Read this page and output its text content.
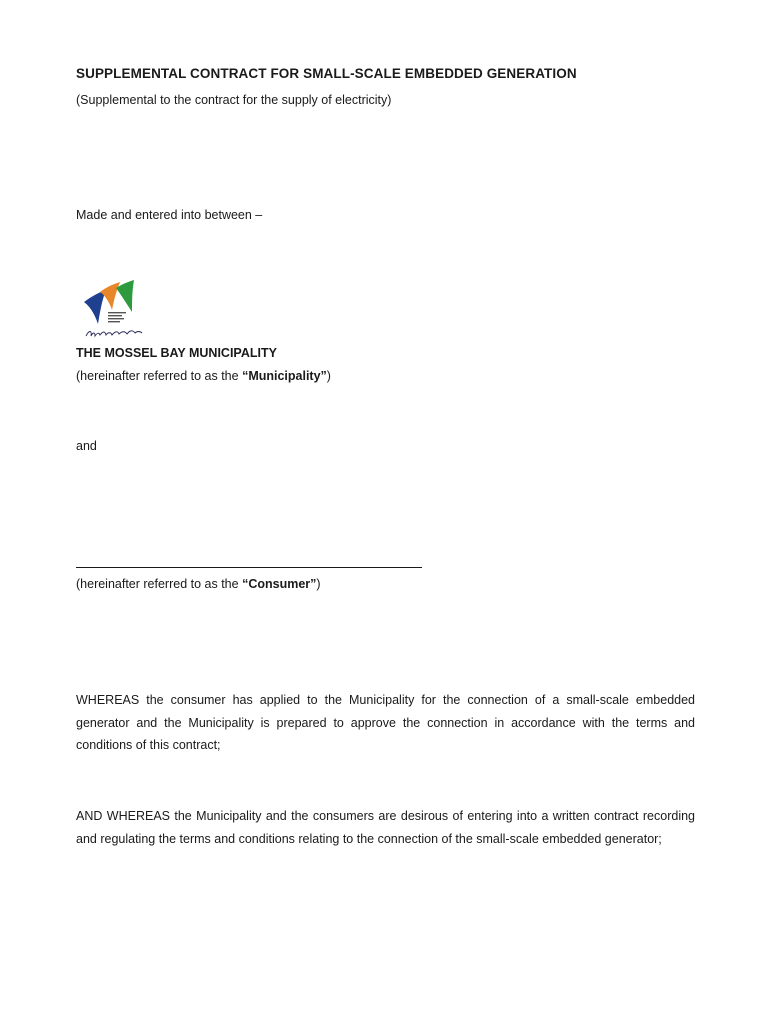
SUPPLEMENTAL CONTRACT FOR SMALL-SCALE EMBEDDED GENERATION
(Supplemental to the contract for the supply of electricity)
Made and entered into between –
THE MOSSEL BAY MUNICIPALITY
(hereinafter referred to as the “Municipality”)
and
(hereinafter referred to as the “Consumer”)
WHEREAS the consumer has applied to the Municipality for the connection of a small-scale embedded generator and the Municipality is prepared to approve the connection in accordance with the terms and conditions of this contract;
AND WHEREAS the Municipality and the consumers are desirous of entering into a written contract recording and regulating the terms and conditions relating to the connection of the small-scale embedded generator;
